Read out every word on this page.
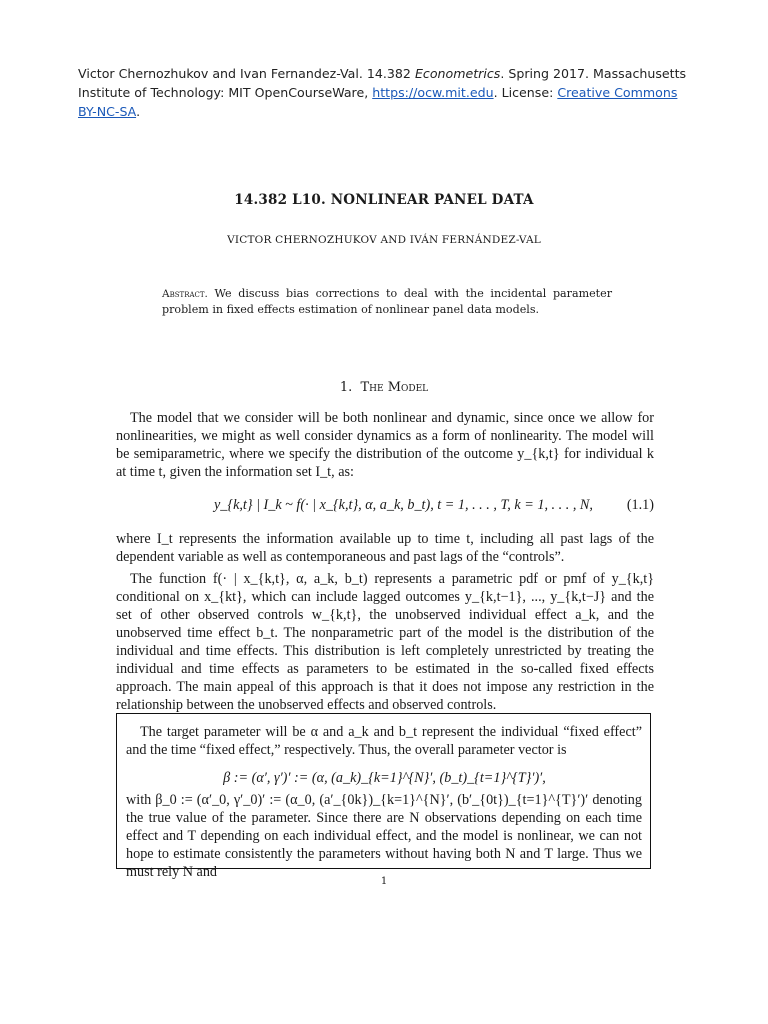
Victor Chernozhukov and Ivan Fernandez-Val. 14.382 Econometrics. Spring 2017. Massachusetts Institute of Technology: MIT OpenCourseWare, https://ocw.mit.edu. License: Creative Commons BY-NC-SA.
14.382 L10. NONLINEAR PANEL DATA
VICTOR CHERNOZHUKOV AND IVÁN FERNÁNDEZ-VAL
Abstract. We discuss bias corrections to deal with the incidental parameter problem in fixed effects estimation of nonlinear panel data models.
1. The Model
The model that we consider will be both nonlinear and dynamic, since once we allow for nonlinearities, we might as well consider dynamics as a form of nonlinearity. The model will be semiparametric, where we specify the distribution of the outcome y_{k,t} for individual k at time t, given the information set I_t, as:
y_{k,t} | I_k ~ f(· | x_{k,t}, α, a_k, b_t), t = 1, . . . , T, k = 1, . . . , N, (1.1)
where I_t represents the information available up to time t, including all past lags of the dependent variable as well as contemporaneous and past lags of the “controls”.
The function f(· | x_{k,t}, α, a_k, b_t) represents a parametric pdf or pmf of y_{k,t} conditional on x_{kt}, which can include lagged outcomes y_{k,t−1}, ..., y_{k,t−J} and the set of other observed controls w_{k,t}, the unobserved individual effect a_k, and the unobserved time effect b_t. The nonparametric part of the model is the distribution of the individual and time effects. This distribution is left completely unrestricted by treating the individual and time effects as parameters to be estimated in the so-called fixed effects approach. The main appeal of this approach is that it does not impose any restriction in the relationship between the unobserved effects and observed controls.
The target parameter will be α and a_k and b_t represent the individual “fixed effect” and the time “fixed effect,” respectively. Thus, the overall parameter vector is
β := (α′, γ′)′ := (α, (a_k)_{k=1}^{N}′, (b_t)_{t=1}^{T}′)′,
with β_0 := (α′_0, γ′_0)′ := (α_0, (a′_{0k})_{k=1}^{N}′, (b′_{0t})_{t=1}^{T}′)′ denoting the true value of the parameter. Since there are N observations depending on each time effect and T depending on each individual effect, and the model is nonlinear, we can not hope to estimate consistently the parameters without having both N and T large. Thus we must rely N and
1
